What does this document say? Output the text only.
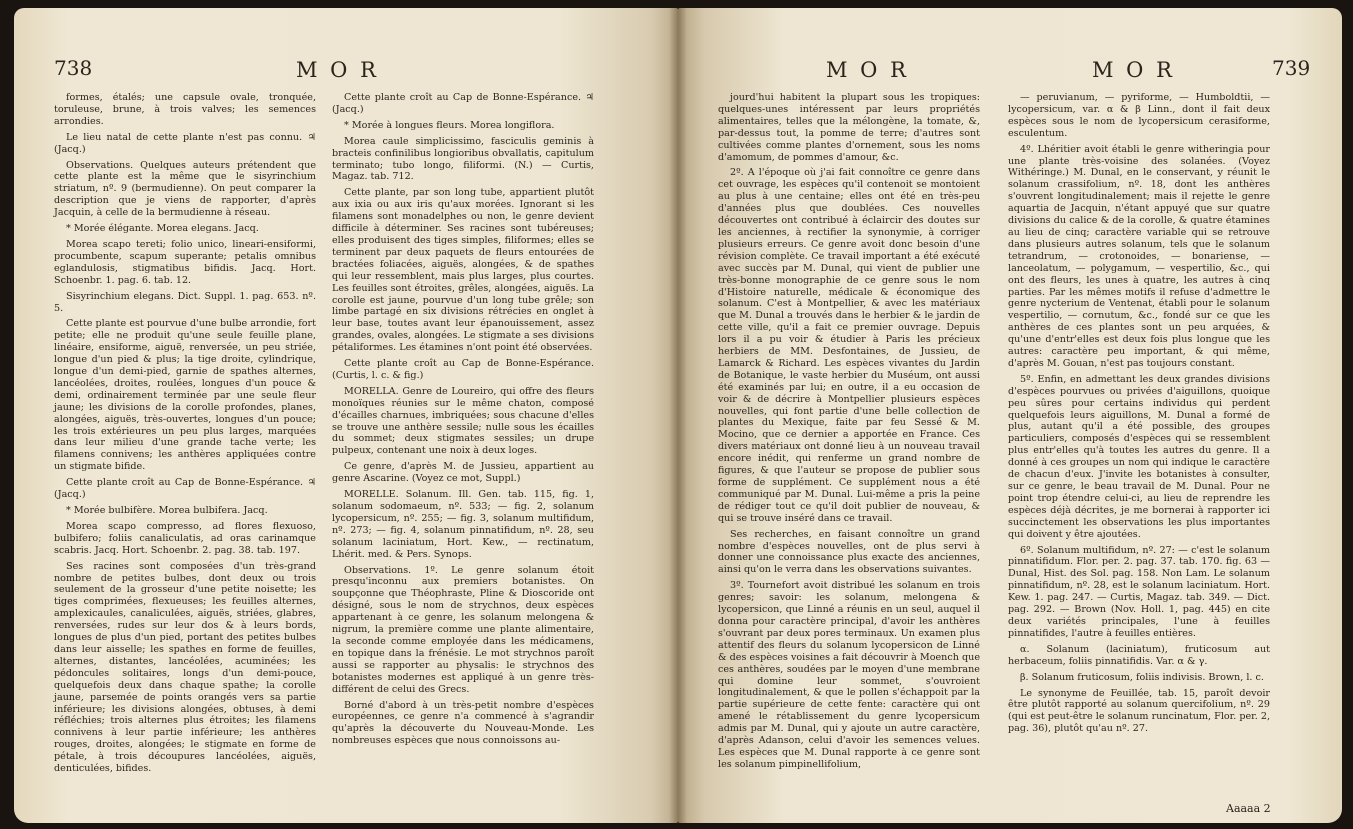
738	M O R

formes, étalés; une capsule ovale, tronquée, toruleuse, brune, à trois valves; les semences arrondies.

Le lieu natal de cette plante n'est pas connu. ♃ (Jacq.)

Observations. Quelques auteurs prétendent que cette plante est la même que le sisyrinchium striatum, nº. 9 (bermudienne). On peut comparer la description que je viens de rapporter, d'après Jacquin, à celle de la bermudienne à réseau.

* Morée élégante. Morea elegans. Jacq.

Morea scapo tereti; folio unico, lineari-ensiformi, procumbente, scapum superante; petalis omnibus eglandulosis, stigmatibus bifidis. Jacq. Hort. Schoenbr. 1. pag. 6. tab. 12.

Sisyrinchium elegans. Dict. Suppl. 1. pag. 653. nº. 5.

Cette plante est pourvue d'une bulbe arrondie, fort petite; elle ne produit qu'une seule feuille plane, linéaire, ensiforme, aiguë, renversée, un peu striée, longue d'un pied & plus; la tige droite, cylindrique, longue d'un demi-pied, garnie de spathes alternes, lancéolées, droites, roulées, longues d'un pouce & demi, ordinairement terminée par une seule fleur jaune; les divisions de la corolle profondes, planes, alongées, aiguës, très-ouvertes, longues d'un pouce; les trois extérieures un peu plus larges, marquées dans leur milieu d'une grande tache verte; les filamens connivens; les anthères appliquées contre un stigmate bifide.

Cette plante croît au Cap de Bonne-Espérance. ♃ (Jacq.)

* Morée bulbifère. Morea bulbifera. Jacq.

Morea scapo compresso, ad flores flexuoso, bulbifero; foliis canaliculatis, ad oras carinamque scabris. Jacq. Hort. Schoenbr. 2. pag. 38. tab. 197.

Ses racines sont composées d'un très-grand nombre de petites bulbes, dont deux ou trois seulement de la grosseur d'une petite noisette; les tiges comprimées, flexueuses; les feuilles alternes, amplexicaules, canaliculées, aiguës, striées, glabres, renversées, rudes sur leur dos & à leurs bords, longues de plus d'un pied, portant des petites bulbes dans leur aisselle; les spathes en forme de feuilles, alternes, distantes, lancéolées, acuminées; les pédoncules solitaires, longs d'un demi-pouce, quelquefois deux dans chaque spathe; la corolle jaune, parsemée de points orangés vers sa partie inférieure; les divisions alongées, obtuses, à demi réfléchies; trois alternes plus étroites; les filamens connivens à leur partie inférieure; les anthères rouges, droites, alongées; le stigmate en forme de pétale, à trois découpures lancéolées, aiguës, denticulées, bifides.

Cette plante croît au Cap de Bonne-Espérance. ♃ (Jacq.)

* Morée à longues fleurs. Morea longiflora.

Morea caule simplicissimo, fasciculis geminis à bracteis confinilibus longioribus obvallatis, capitulum terminato; tubo longo, filiformi. (N.) — Curtis, Magaz. tab. 712.

Cette plante, par son long tube, appartient plutôt aux ixia ou aux iris qu'aux morées. Ignorant si les filamens sont monadelphes ou non, le genre devient difficile à déterminer. Ses racines sont tubéreuses; elles produisent des tiges simples, filiformes; elles se terminent par deux paquets de fleurs entourées de bractées foliacées, aiguës, alongées, & de spathes qui leur ressemblent, mais plus larges, plus courtes. Les feuilles sont étroites, grêles, alongées, aiguës. La corolle est jaune, pourvue d'un long tube grêle; son limbe partagé en six divisions rétrécies en onglet à leur base, toutes avant leur épanouissement, assez grandes, ovales, alongées. Le stigmate a ses divisions pétaliformes. Les étamines n'ont point été observées.

Cette plante croît au Cap de Bonne-Espérance. (Curtis, l. c. & fig.)

MORELLA. Genre de Loureiro, qui offre des fleurs monoïques réunies sur le même chaton, composé d'écailles charnues, imbriquées; sous chacune d'elles se trouve une anthère sessile; nulle sous les écailles du sommet; deux stigmates sessiles; un drupe pulpeux, contenant une noix à deux loges.

Ce genre, d'après M. de Jussieu, appartient au genre Ascarine. (Voyez ce mot, Suppl.)

MORELLE. Solanum. Ill. Gen. tab. 115, fig. 1, solanum sodomaeum, nº. 533; — fig. 2, solanum lycopersicum, nº. 255; — fig. 3, solanum multifidum, nº. 273; — fig. 4, solanum pinnatifidum, nº. 28, seu solanum laciniatum, Hort. Kew., — rectinatum, Lhérit. med. & Pers. Synops.

Observations. 1º. Le genre solanum étoit presqu'inconnu aux premiers botanistes. On soupçonne que Théophraste, Pline & Dioscoride ont désigné, sous le nom de strychnos, deux espèces appartenant à ce genre, les solanum melongena & nigrum, la première comme une plante alimentaire, la seconde comme employée dans les médicamens, en topique dans la frénésie. Le mot strychnos paroît aussi se rapporter au physalis: le strychnos des botanistes modernes est appliqué à un genre très-différent de celui des Grecs.

Borné d'abord à un très-petit nombre d'espèces européennes, ce genre n'a commencé à s'agrandir qu'après la découverte du Nouveau-Monde. Les nombreuses espèces que nous connoissons au-

M O R	M O R	739

jourd'hui habitent la plupart sous les tropiques: quelques-unes intéressent par leurs propriétés alimentaires, telles que la mélongène, la tomate, &, par-dessus tout, la pomme de terre; d'autres sont cultivées comme plantes d'ornement, sous les noms d'amomum, de pommes d'amour, &c.

2º. A l'époque où j'ai fait connoître ce genre dans cet ouvrage, les espèces qu'il contenoit se montoient au plus à une centaine; elles ont été en très-peu d'années plus que doublées. Ces nouvelles découvertes ont contribué à éclaircir des doutes sur les anciennes, à rectifier la synonymie, à corriger plusieurs erreurs. Ce genre avoit donc besoin d'une révision complète. Ce travail important a été exécuté avec succès par M. Dunal, qui vient de publier une très-bonne monographie de ce genre sous le nom d'Histoire naturelle, médicale & économique des solanum. C'est à Montpellier, & avec les matériaux que M. Dunal a trouvés dans le herbier & le jardin de cette ville, qu'il a fait ce premier ouvrage. Depuis lors il a pu voir & étudier à Paris les précieux herbiers de MM. Desfontaines, de Jussieu, de Lamarck & Richard. Les espèces vivantes du Jardin de Botanique, le vaste herbier du Muséum, ont aussi été examinés par lui; en outre, il a eu occasion de voir & de décrire à Montpellier plusieurs espèces nouvelles, qui font partie d'une belle collection de plantes du Mexique, faite par feu Sessé & M. Mocino, que ce dernier a apportée en France. Ces divers matériaux ont donné lieu à un nouveau travail encore inédit, qui renferme un grand nombre de figures, & que l'auteur se propose de publier sous forme de supplément. Ce supplément nous a été communiqué par M. Dunal. Lui-même a pris la peine de rédiger tout ce qu'il doit publier de nouveau, & qui se trouve inséré dans ce travail.

Ses recherches, en faisant connoître un grand nombre d'espèces nouvelles, ont de plus servi à donner une connoissance plus exacte des anciennes, ainsi qu'on le verra dans les observations suivantes.

3º. Tournefort avoit distribué les solanum en trois genres; savoir: les solanum, melongena & lycopersicon, que Linné a réunis en un seul, auquel il donna pour caractère principal, d'avoir les anthères s'ouvrant par deux pores terminaux. Un examen plus attentif des fleurs du solanum lycopersicon de Linné & des espèces voisines a fait découvrir à Moench que ces anthères, soudées par le moyen d'une membrane qui domine leur sommet, s'ouvroient longitudinalement, & que le pollen s'échappoit par la partie supérieure de cette fente: caractère qui ont amené le rétablissement du genre lycopersicum admis par M. Dunal, qui y ajoute un autre caractère, d'après Adanson, celui d'avoir les semences velues. Les espèces que M. Dunal rapporte à ce genre sont les solanum pimpinellifolium,

— peruvianum, — pyriforme, — Humboldtii, — lycopersicum, var. α & β Linn., dont il fait deux espèces sous le nom de lycopersicum cerasiforme, esculentum.

4º. Lhéritier avoit établi le genre witheringia pour une plante très-voisine des solanées. (Voyez Withéringe.) M. Dunal, en le conservant, y réunit le solanum crassifolium, nº. 18, dont les anthères s'ouvrent longitudinalement; mais il rejette le genre aquartia de Jacquin, n'étant appuyé que sur quatre divisions du calice & de la corolle, & quatre étamines au lieu de cinq; caractère variable qui se retrouve dans plusieurs autres solanum, tels que le solanum tetrandrum, — crotonoides, — bonariense, — lanceolatum, — polygamum, — vespertilio, &c., qui ont des fleurs, les unes à quatre, les autres à cinq parties. Par les mêmes motifs il refuse d'admettre le genre nycterium de Ventenat, établi pour le solanum vespertilio, — cornutum, &c., fondé sur ce que les anthères de ces plantes sont un peu arquées, & qu'une d'entr'elles est deux fois plus longue que les autres: caractère peu important, & qui même, d'après M. Gouan, n'est pas toujours constant.

5º. Enfin, en admettant les deux grandes divisions d'espèces pourvues ou privées d'aiguillons, quoique peu sûres pour certains individus qui perdent quelquefois leurs aiguillons, M. Dunal a formé de plus, autant qu'il a été possible, des groupes particuliers, composés d'espèces qui se ressemblent plus entr'elles qu'à toutes les autres du genre. Il a donné à ces groupes un nom qui indique le caractère de chacun d'eux. J'invite les botanistes à consulter, sur ce genre, le beau travail de M. Dunal. Pour ne point trop étendre celui-ci, au lieu de reprendre les espèces déjà décrites, je me bornerai à rapporter ici succinctement les observations les plus importantes qui doivent y être ajoutées.

6º. Solanum multifidum, nº. 27: — c'est le solanum pinnatifidum. Flor. per. 2. pag. 37. tab. 170. fig. 63 — Dunal, Hist. des Sol. pag. 158. Non Lam. Le solanum pinnatifidum, nº. 28, est le solanum laciniatum. Hort. Kew. 1. pag. 247. — Curtis, Magaz. tab. 349. — Dict. pag. 292. — Brown (Nov. Holl. 1, pag. 445) en cite deux variétés principales, l'une à feuilles pinnatifides, l'autre à feuilles entières.

α. Solanum (laciniatum), fruticosum aut herbaceum, foliis pinnatifidis. Var. α & γ.

β. Solanum fruticosum, foliis indivisis. Brown, l. c.

Le synonyme de Feuillée, tab. 15, paroît devoir être plutôt rapporté au solanum quercifolium, nº. 29 (qui est peut-être le solanum runcinatum, Flor. per. 2, pag. 36), plutôt qu'au nº. 27.

Aaaaa 2
